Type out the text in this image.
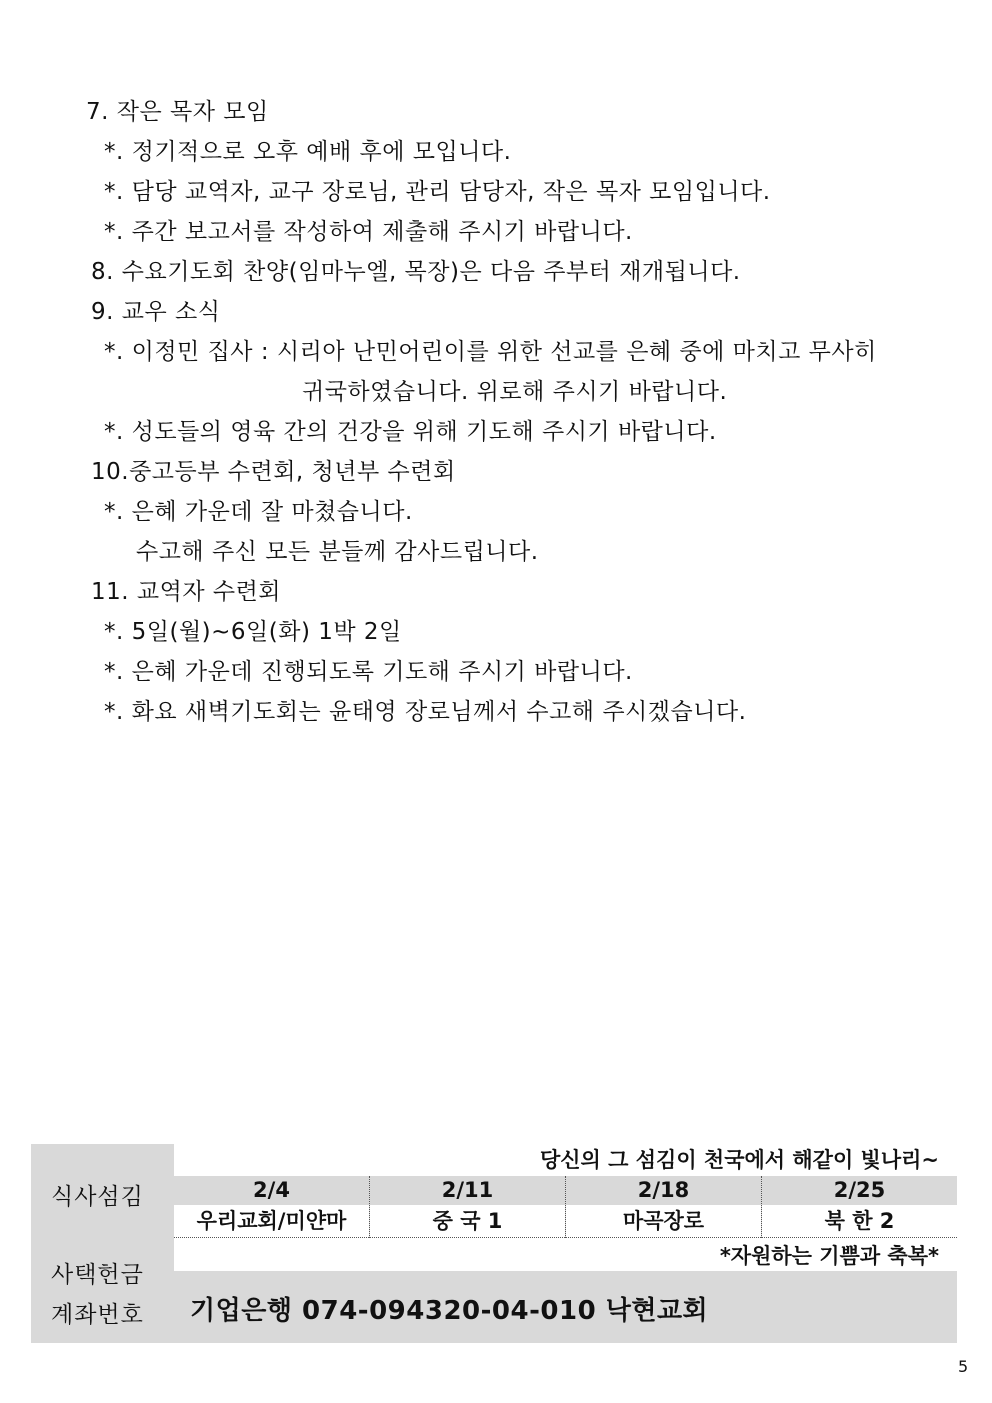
7. 작은 목자 모임
*. 정기적으로 오후 예배 후에 모입니다.
*. 담당 교역자, 교구 장로님, 관리 담당자, 작은 목자 모임입니다.
*. 주간 보고서를 작성하여 제출해 주시기 바랍니다.
8. 수요기도회 찬양(임마누엘, 목장)은 다음 주부터 재개됩니다.
9. 교우 소식
*. 이정민 집사 : 시리아 난민어린이를 위한 선교를 은혜 중에 마치고 무사히
귀국하였습니다. 위로해 주시기 바랍니다.
*. 성도들의 영육 간의 건강을 위해 기도해 주시기 바랍니다.
10.중고등부 수련회, 청년부 수련회
*. 은혜 가운데 잘 마쳤습니다.
수고해 주신 모든 분들께 감사드립니다.
11. 교역자 수련회
*. 5일(월)~6일(화) 1박 2일
*. 은혜 가운데 진행되도록 기도해 주시기 바랍니다.
*. 화요 새벽기도회는 윤태영 장로님께서 수고해 주시겠습니다.
식사섬김
당신의 그 섬김이 천국에서 해같이 빛나리~
2/4	2/11	2/18	2/25
우리교회/미얀마	중 국 1	마곡장로	북 한 2
*자원하는 기쁨과 축복*
사택헌금
계좌번호 기업은행 074-094320-04-010 낙현교회
5
